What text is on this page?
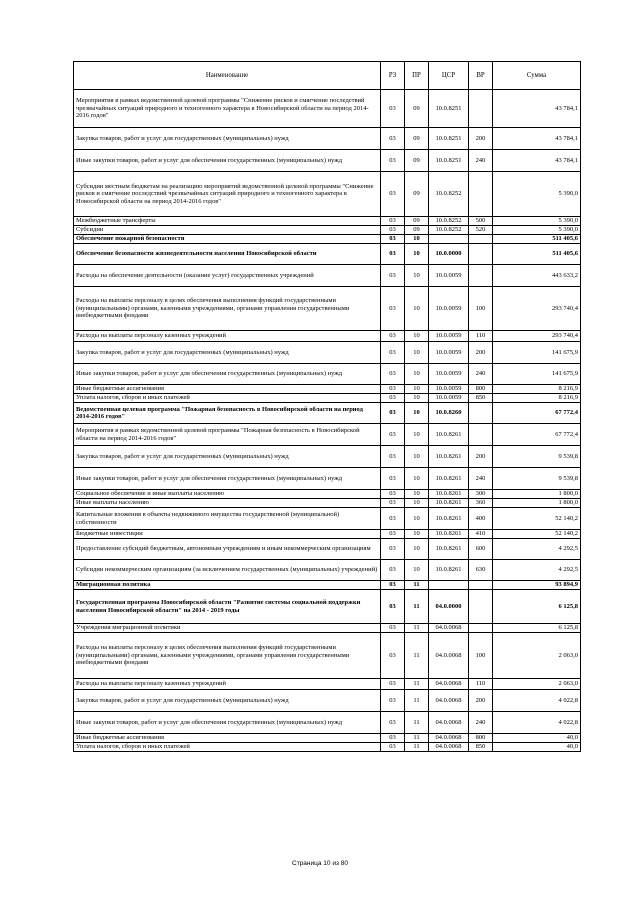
Наименование	РЗ	ПР	ЦСР	ВР	Сумма
Мероприятия в рамках ведомственной целевой программы "Снижение рисков и смягчение последствий чрезвычайных ситуаций природного и техногенного характера в Новосибирской области на период 2014-2016 годов"	03	09	10.0.8251		43 784,1
Закупка товаров, работ и услуг для государственных (муниципальных) нужд	03	09	10.0.8251	200	43 784,1
Иные закупки товаров, работ и услуг для обеспечения государственных (муниципальных) нужд	03	09	10.0.8251	240	43 784,1
Субсидии местным бюджетам на реализацию мероприятий ведомственной целевой программы "Снижение рисков и смягчение последствий чрезвычайных ситуаций природного и техногенного характера в Новосибирской области на период 2014-2016 годов"	03	09	10.0.8252		5 390,0
Межбюджетные трансферты	03	09	10.0.8252	500	5 390,0
Субсидии	03	09	10.0.8252	520	5 390,0
Обеспечение пожарной безопасности	03	10			511 405,6
Обеспечение безопасности жизнедеятельности населения Новосибирской области	03	10	10.0.0000		511 405,6
Расходы на обеспечение деятельности (оказание услуг) государственных учреждений	03	10	10.0.0059		443 633,2
Расходы на выплаты персоналу в целях обеспечения выполнения функций государственными (муниципальными) органами, казенными учреждениями, органами управления государственными внебюджетными фондами	03	10	10.0.0059	100	293 740,4
Расходы на выплаты персоналу казенных учреждений	03	10	10.0.0059	110	293 740,4
Закупка товаров, работ и услуг для государственных (муниципальных) нужд	03	10	10.0.0059	200	141 675,9
Иные закупки товаров, работ и услуг для обеспечения государственных (муниципальных) нужд	03	10	10.0.0059	240	141 675,9
Иные бюджетные ассигнования	03	10	10.0.0059	800	8 216,9
Уплата налогов, сборов и иных платежей	03	10	10.0.0059	850	8 216,9
Ведомственная целевая программа "Пожарная безопасность в Новосибирской области на период 2014-2016 годов"	03	10	10.0.8260		67 772,4
Мероприятия в рамках ведомственной целевой программы "Пожарная безопасность в Новосибирской области на период 2014-2016 годов"	03	10	10.0.8261		67 772,4
Закупка товаров, работ и услуг для государственных (муниципальных) нужд	03	10	10.0.8261	200	9 539,8
Иные закупки товаров, работ и услуг для обеспечения государственных (муниципальных) нужд	03	10	10.0.8261	240	9 539,8
Социальное обеспечение и иные выплаты населению	03	10	10.0.8261	300	1 800,0
Иные выплаты населению	03	10	10.0.8261	360	1 800,0
Капитальные вложения в объекты недвижимого имущества государственной (муниципальной) собственности	03	10	10.0.8261	400	52 140,2
Бюджетные инвестиции	03	10	10.0.8261	410	52 140,2
Предоставление субсидий бюджетным, автономным учреждениям и иным некоммерческим организациям	03	10	10.0.8261	600	4 292,5
Субсидии некоммерческим организациям (за исключением государственных (муниципальных) учреждений)	03	10	10.0.8261	630	4 292,5
Миграционная политика	03	11			93 894,9
Государственная программа Новосибирской области "Развитие системы социальной поддержки населения Новосибирской области" на 2014 - 2019 годы	03	11	04.0.0000		6 125,8
Учреждения миграционной политики	03	11	04.0.0068		6 125,8
Расходы на выплаты персоналу в целях обеспечения выполнения функций государственными (муниципальными) органами, казенными учреждениями, органами управления государственными внебюджетными фондами	03	11	04.0.0068	100	2 063,0
Расходы на выплаты персоналу казенных учреждений	03	11	04.0.0068	110	2 063,0
Закупка товаров, работ и услуг для государственных (муниципальных) нужд	03	11	04.0.0068	200	4 022,8
Иные закупки товаров, работ и услуг для обеспечения государственных (муниципальных) нужд	03	11	04.0.0068	240	4 022,8
Иные бюджетные ассигнования	03	11	04.0.0068	800	40,0
Уплата налогов, сборов и иных платежей	03	11	04.0.0068	850	40,0
Страница 10 из 80
